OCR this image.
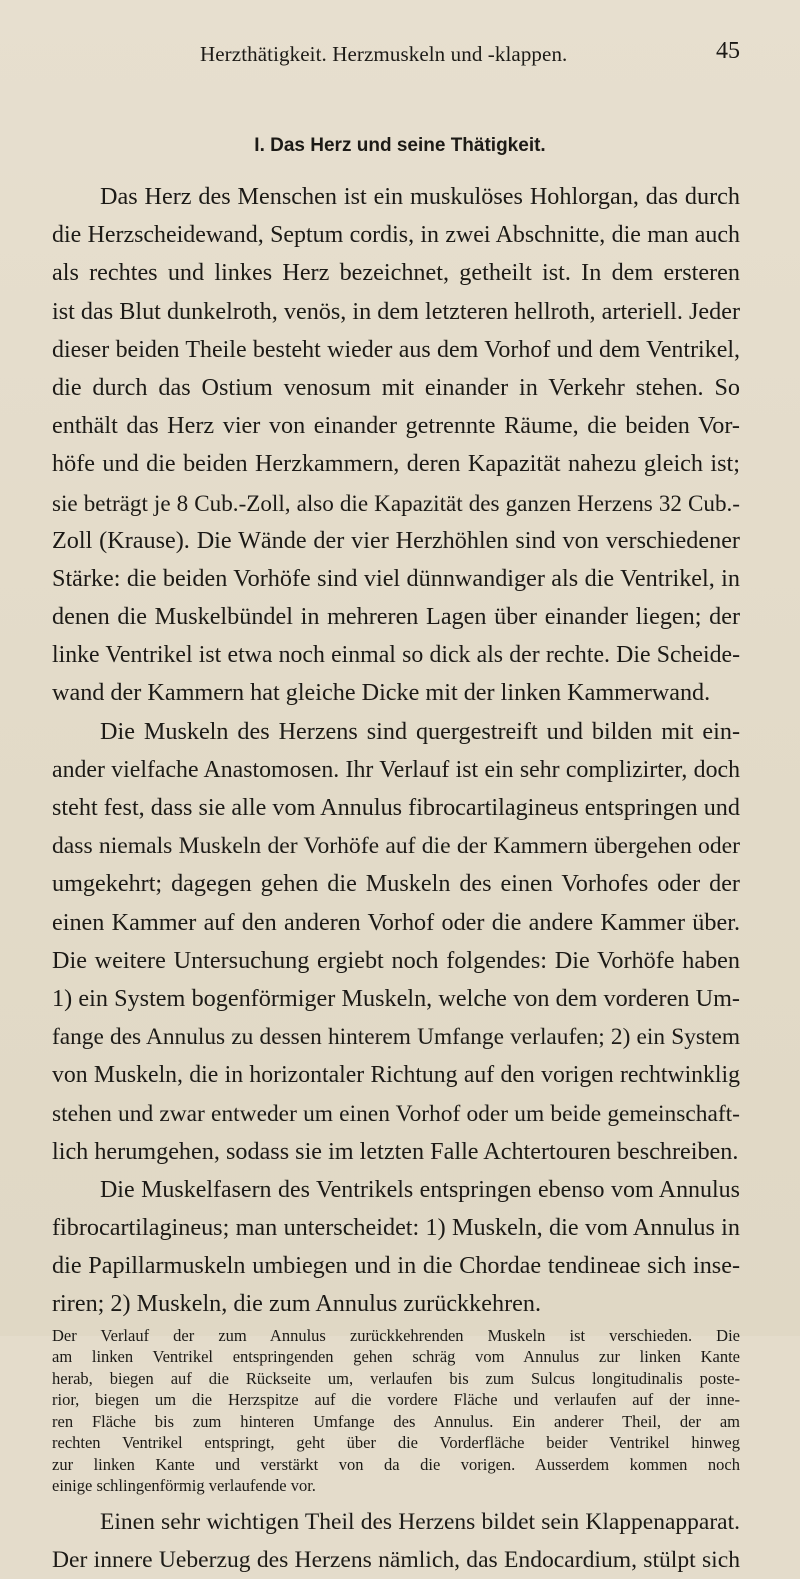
Herzthätigkeit. Herzmuskeln und -klappen.	45
I. Das Herz und seine Thätigkeit.
Das Herz des Menschen ist ein muskulöses Hohlorgan, das durch
die Herzscheidewand, Septum cordis, in zwei Abschnitte, die man auch
als rechtes und linkes Herz bezeichnet, getheilt ist. In dem ersteren
ist das Blut dunkelroth, venös, in dem letzteren hellroth, arteriell. Jeder
dieser beiden Theile besteht wieder aus dem Vorhof und dem Ventrikel,
die durch das Ostium venosum mit einander in Verkehr stehen. So
enthält das Herz vier von einander getrennte Räume, die beiden Vor-
höfe und die beiden Herzkammern, deren Kapazität nahezu gleich ist;
sie beträgt je 8 Cub.-Zoll, also die Kapazität des ganzen Herzens 32 Cub.-
Zoll (Krause). Die Wände der vier Herzhöhlen sind von verschiedener
Stärke: die beiden Vorhöfe sind viel dünnwandiger als die Ventrikel, in
denen die Muskelbündel in mehreren Lagen über einander liegen; der
linke Ventrikel ist etwa noch einmal so dick als der rechte. Die Scheide-
wand der Kammern hat gleiche Dicke mit der linken Kammerwand.
Die Muskeln des Herzens sind quergestreift und bilden mit ein-
ander vielfache Anastomosen. Ihr Verlauf ist ein sehr complizirter, doch
steht fest, dass sie alle vom Annulus fibrocartilagineus entspringen und
dass niemals Muskeln der Vorhöfe auf die der Kammern übergehen oder
umgekehrt; dagegen gehen die Muskeln des einen Vorhofes oder der
einen Kammer auf den anderen Vorhof oder die andere Kammer über.
Die weitere Untersuchung ergiebt noch folgendes: Die Vorhöfe haben
1) ein System bogenförmiger Muskeln, welche von dem vorderen Um-
fange des Annulus zu dessen hinterem Umfange verlaufen; 2) ein System
von Muskeln, die in horizontaler Richtung auf den vorigen rechtwinklig
stehen und zwar entweder um einen Vorhof oder um beide gemeinschaft-
lich herumgehen, sodass sie im letzten Falle Achtertouren beschreiben.
Die Muskelfasern des Ventrikels entspringen ebenso vom Annulus
fibrocartilagineus; man unterscheidet: 1) Muskeln, die vom Annulus in
die Papillarmuskeln umbiegen und in die Chordae tendineae sich inse-
riren; 2) Muskeln, die zum Annulus zurückkehren.
Der Verlauf der zum Annulus zurückkehrenden Muskeln ist verschieden. Die
am linken Ventrikel entspringenden gehen schräg vom Annulus zur linken Kante
herab, biegen auf die Rückseite um, verlaufen bis zum Sulcus longitudinalis poste-
rior, biegen um die Herzspitze auf die vordere Fläche und verlaufen auf der inne-
ren Fläche bis zum hinteren Umfange des Annulus. Ein anderer Theil, der am
rechten Ventrikel entspringt, geht über die Vorderfläche beider Ventrikel hinweg
zur linken Kante und verstärkt von da die vorigen. Ausserdem kommen noch
einige schlingenförmig verlaufende vor.
Einen sehr wichtigen Theil des Herzens bildet sein Klappenapparat.
Der innere Ueberzug des Herzens nämlich, das Endocardium, stülpt sich
